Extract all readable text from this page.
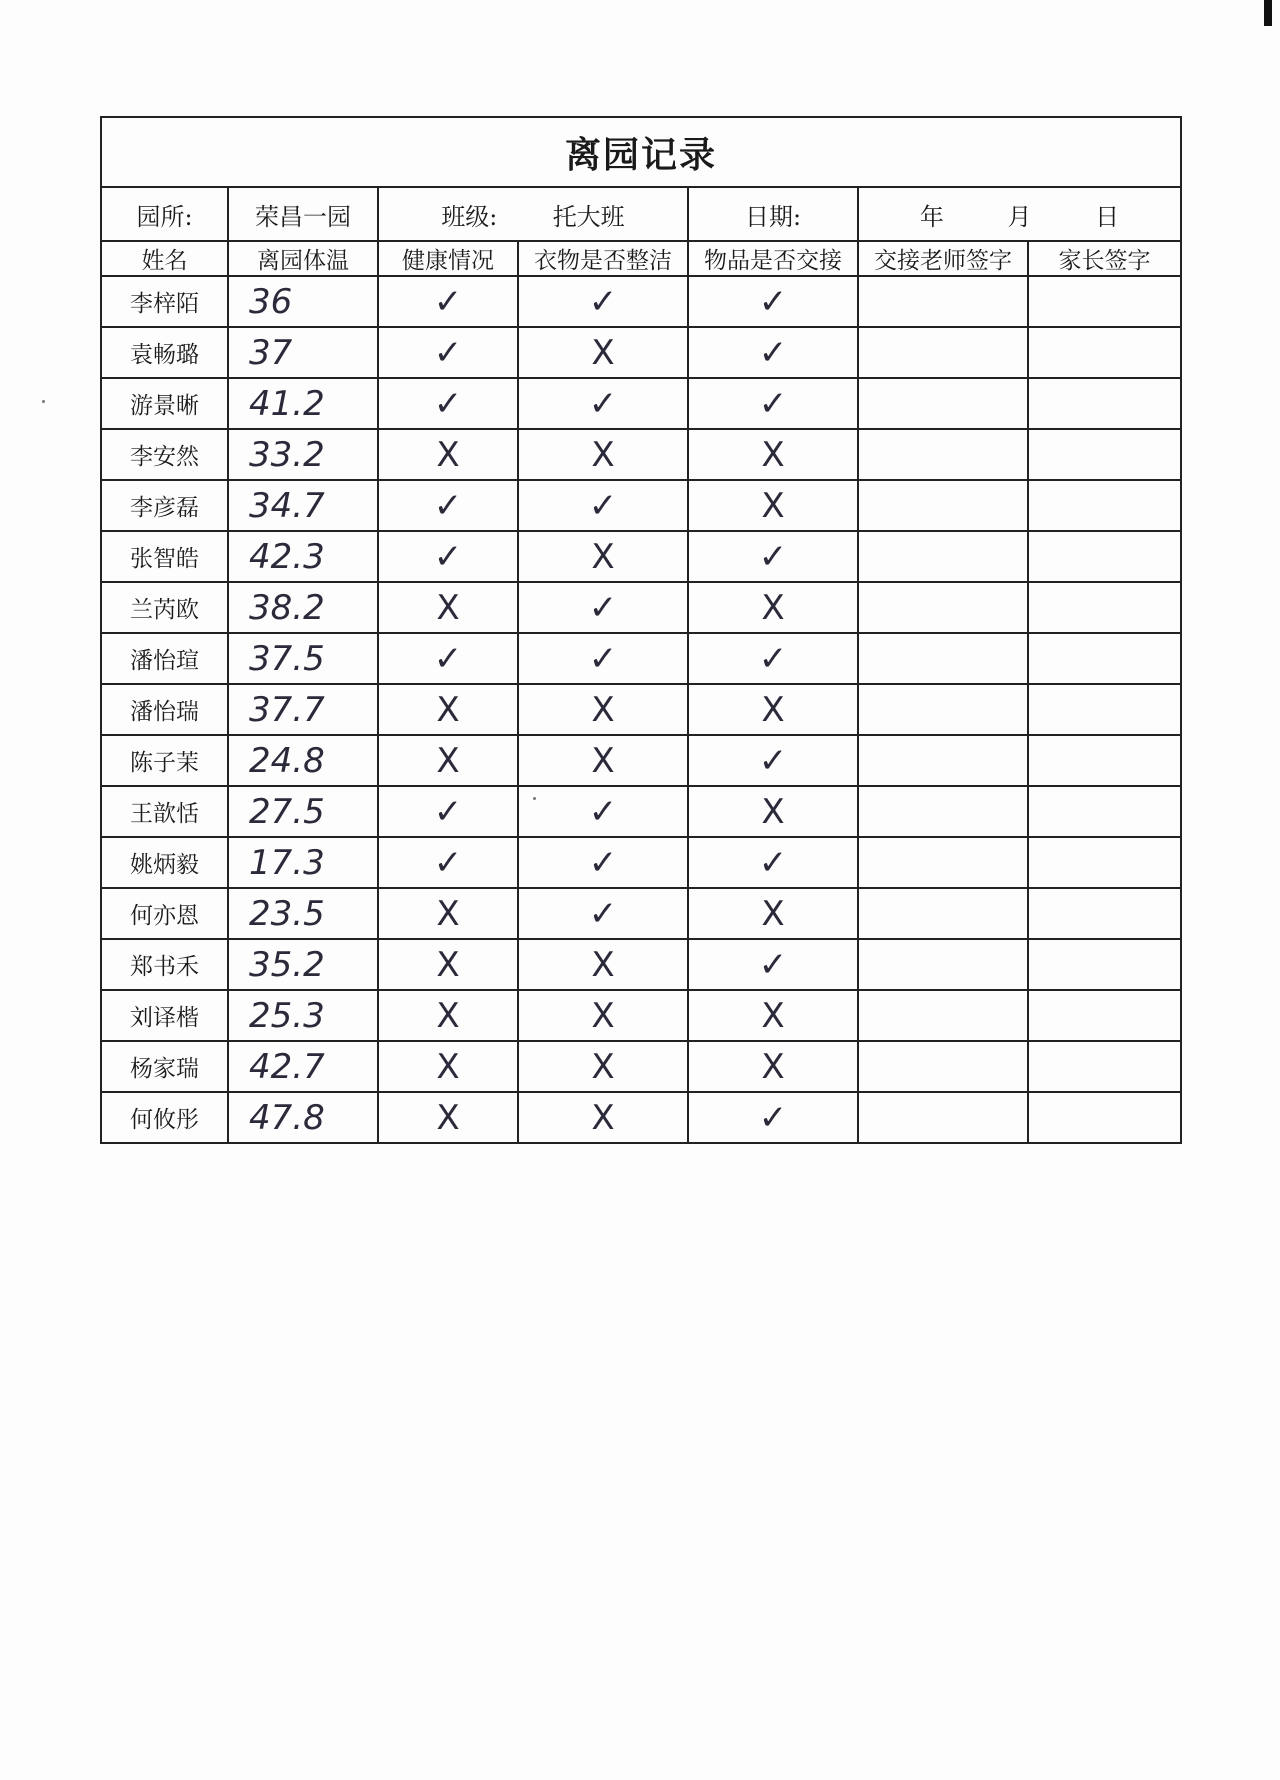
离园记录						
园所:	荣昌一园	班级: 托大班		日期:	年 月 日	
姓名	离园体温	健康情况	衣物是否整洁	物品是否交接	交接老师签字	家长签字
李梓陌	36	✓	✓	✓		
袁畅璐	37	✓	X	✓		
游景晰	41.2	✓	✓	✓		
李安然	33.2	X	X	X		
李彦磊	34.7	✓	✓	X		
张智皓	42.3	✓	X	✓		
兰芮欧	38.2	X	✓	X		
潘怡瑄	37.5	✓	✓	✓		
潘怡瑞	37.7	X	X	X		
陈子茉	24.8	X	X	✓		
王歆恬	27.5	✓	✓	X		
姚炳毅	17.3	✓	✓	✓		
何亦恩	23.5	X	✓	X		
郑书禾	35.2	X	X	✓		
刘译楷	25.3	X	X	X		
杨家瑞	42.7	X	X	X		
何攸彤	47.8	X	X	✓		
